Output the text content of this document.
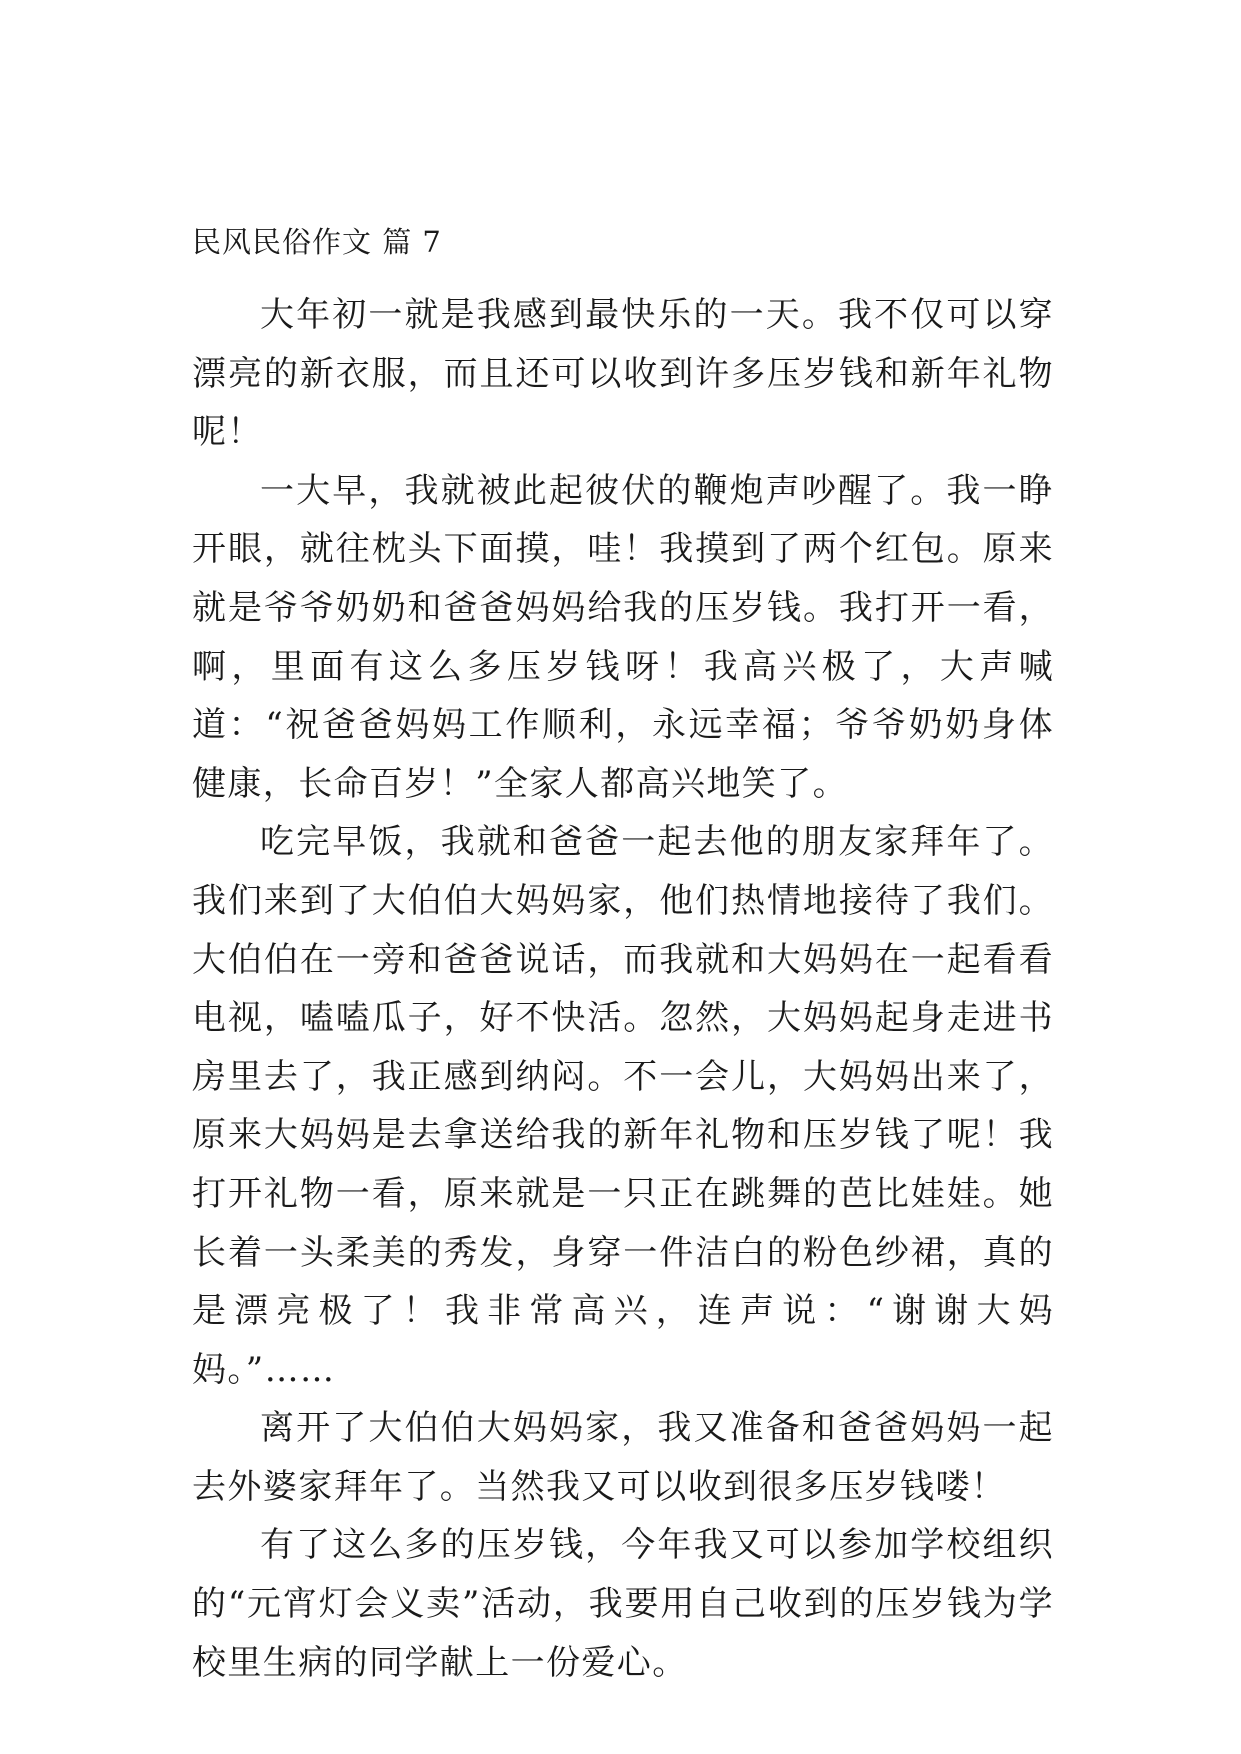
民风民俗作文 篇 7

大年初一就是我感到最快乐的一天。我不仅可以穿漂亮的新衣服，而且还可以收到许多压岁钱和新年礼物呢！

一大早，我就被此起彼伏的鞭炮声吵醒了。我一睁开眼，就往枕头下面摸，哇！我摸到了两个红包。原来就是爷爷奶奶和爸爸妈妈给我的压岁钱。我打开一看，啊，里面有这么多压岁钱呀！我高兴极了，大声喊道：“祝爸爸妈妈工作顺利，永远幸福；爷爷奶奶身体健康，长命百岁！”全家人都高兴地笑了。

吃完早饭，我就和爸爸一起去他的朋友家拜年了。我们来到了大伯伯大妈妈家，他们热情地接待了我们。大伯伯在一旁和爸爸说话，而我就和大妈妈在一起看看电视，嗑嗑瓜子，好不快活。忽然，大妈妈起身走进书房里去了，我正感到纳闷。不一会儿，大妈妈出来了，原来大妈妈是去拿送给我的新年礼物和压岁钱了呢！我打开礼物一看，原来就是一只正在跳舞的芭比娃娃。她长着一头柔美的秀发，身穿一件洁白的粉色纱裙，真的是漂亮极了！我非常高兴，连声说：“谢谢大妈妈。”……

离开了大伯伯大妈妈家，我又准备和爸爸妈妈一起去外婆家拜年了。当然我又可以收到很多压岁钱喽！

有了这么多的压岁钱，今年我又可以参加学校组织的“元宵灯会义卖”活动，我要用自己收到的压岁钱为学校里生病的同学献上一份爱心。
